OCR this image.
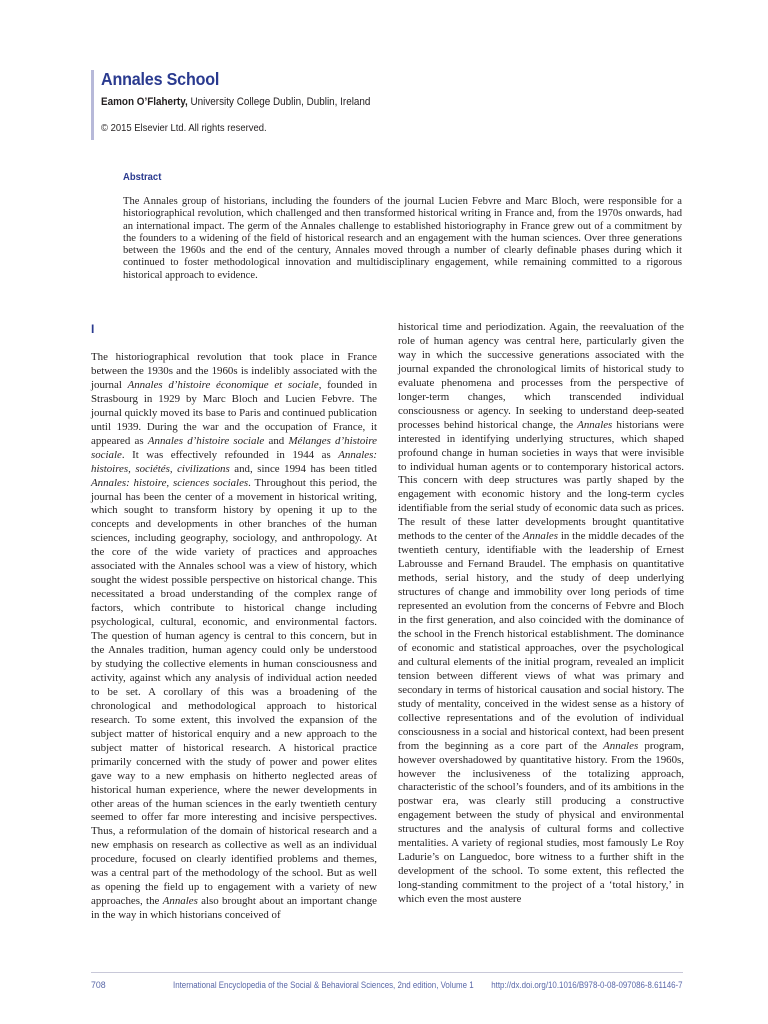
Annales School
Eamon O’Flaherty, University College Dublin, Dublin, Ireland
© 2015 Elsevier Ltd. All rights reserved.
Abstract
The Annales group of historians, including the founders of the journal Lucien Febvre and Marc Bloch, were responsible for a historiographical revolution, which challenged and then transformed historical writing in France and, from the 1970s onwards, had an international impact. The germ of the Annales challenge to established historiography in France grew out of a commitment by the founders to a widening of the field of historical research and an engagement with the human sciences. Over three generations between the 1960s and the end of the century, Annales moved through a number of clearly definable phases during which it continued to foster methodological innovation and multidisciplinary engagement, while remaining committed to a rigorous historical approach to evidence.
I

The historiographical revolution that took place in France between the 1930s and the 1960s is indelibly associated with the journal Annales d’histoire économique et sociale, founded in Strasbourg in 1929 by Marc Bloch and Lucien Febvre. The journal quickly moved its base to Paris and continued publication until 1939. During the war and the occupation of France, it appeared as Annales d’histoire sociale and Mélanges d’histoire sociale. It was effectively refounded in 1944 as Annales: histoires, sociétés, civilizations and, since 1994 has been titled Annales: histoire, sciences sociales. Throughout this period, the journal has been the center of a movement in historical writing, which sought to transform history by opening it up to the concepts and developments in other branches of the human sciences, including geography, sociology, and anthropology. At the core of the wide variety of practices and approaches associated with the Annales school was a view of history, which sought the widest possible perspective on historical change. This necessitated a broad understanding of the complex range of factors, which contribute to historical change including psychological, cultural, economic, and environmental factors. The question of human agency is central to this concern, but in the Annales tradition, human agency could only be understood by studying the collective elements in human consciousness and activity, against which any analysis of individual action needed to be set. A corollary of this was a broadening of the chronological and methodological approach to historical research. To some extent, this involved the expansion of the subject matter of historical enquiry and a new approach to the subject matter of historical research. A historical practice primarily concerned with the study of power and power elites gave way to a new emphasis on hitherto neglected areas of historical human experience, where the newer developments in other areas of the human sciences in the early twentieth century seemed to offer far more interesting and incisive perspectives. Thus, a reformulation of the domain of historical research and a new emphasis on research as collective as well as an individual procedure, focused on clearly identified problems and themes, was a central part of the methodology of the school. But as well as opening the field up to engagement with a variety of new approaches, the Annales also brought about an important change in the way in which historians conceived of

historical time and periodization. Again, the reevaluation of the role of human agency was central here, particularly given the way in which the successive generations associated with the journal expanded the chronological limits of historical study to evaluate phenomena and processes from the perspective of longer-term changes, which transcended individual consciousness or agency. In seeking to understand deep-seated processes behind historical change, the Annales historians were interested in identifying underlying structures, which shaped profound change in human societies in ways that were invisible to individual human agents or to contemporary historical actors. This concern with deep structures was partly shaped by the engagement with economic history and the long-term cycles identifiable from the serial study of economic data such as prices. The result of these latter developments brought quantitative methods to the center of the Annales in the middle decades of the twentieth century, identifiable with the leadership of Ernest Labrousse and Fernand Braudel. The emphasis on quantitative methods, serial history, and the study of deep underlying structures of change and immobility over long periods of time represented an evolution from the concerns of Febvre and Bloch in the first generation, and also coincided with the dominance of the school in the French historical establishment. The dominance of economic and statistical approaches, over the psychological and cultural elements of the initial program, revealed an implicit tension between different views of what was primary and secondary in terms of historical causation and social history. The study of mentality, conceived in the widest sense as a history of collective representations and of the evolution of individual consciousness in a social and historical context, had been present from the beginning as a core part of the Annales program, however overshadowed by quantitative history. From the 1960s, however the inclusiveness of the totalizing approach, characteristic of the school’s founders, and of its ambitions in the postwar era, was clearly still producing a constructive engagement between the study of physical and environmental structures and the analysis of cultural forms and collective mentalities. A variety of regional studies, most famously Le Roy Ladurie’s on Languedoc, bore witness to a further shift in the development of the school. To some extent, this reflected the long-standing commitment to the project of a ‘total history,’ in which even the most austere

708	International Encyclopedia of the Social & Behavioral Sciences, 2nd edition, Volume 1 http://dx.doi.org/10.1016/B978-0-08-097086-8.61146-7
